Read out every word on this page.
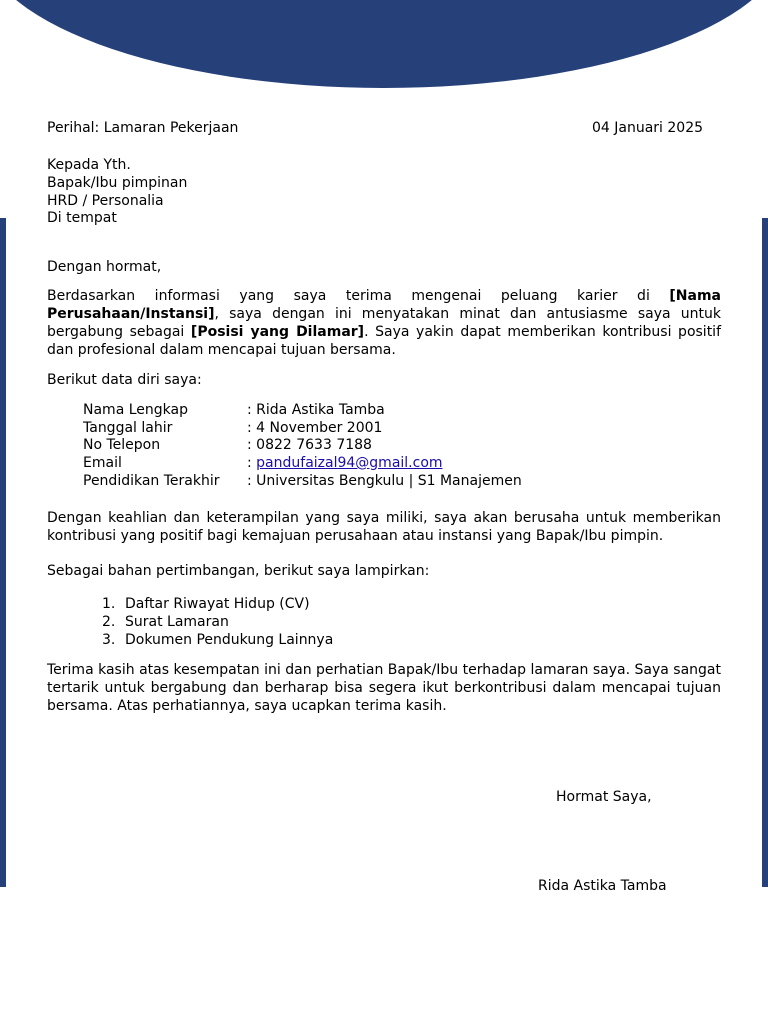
Perihal: Lamaran Pekerjaan	04 Januari 2025
Kepada Yth.
Bapak/Ibu pimpinan
HRD / Personalia
Di tempat
Dengan hormat,

Berdasarkan informasi yang saya terima mengenai peluang karier di [Nama Perusahaan/Instansi], saya dengan ini menyatakan minat dan antusiasme saya untuk bergabung sebagai [Posisi yang Dilamar]. Saya yakin dapat memberikan kontribusi positif dan profesional dalam mencapai tujuan bersama.

Berikut data diri saya:
Nama Lengkap	: Rida Astika Tamba
Tanggal lahir	: 4 November 2001
No Telepon	: 0822 7633 7188
Email	: pandufaizal94@gmail.com
Pendidikan Terakhir : Universitas Bengkulu | S1 Manajemen

Dengan keahlian dan keterampilan yang saya miliki, saya akan berusaha untuk memberikan kontribusi yang positif bagi kemajuan perusahaan atau instansi yang Bapak/Ibu pimpin.

Sebagai bahan pertimbangan, berikut saya lampirkan:
1. Daftar Riwayat Hidup (CV)
2. Surat Lamaran
3. Dokumen Pendukung Lainnya

Terima kasih atas kesempatan ini dan perhatian Bapak/Ibu terhadap lamaran saya. Saya sangat tertarik untuk bergabung dan berharap bisa segera ikut berkontribusi dalam mencapai tujuan bersama. Atas perhatiannya, saya ucapkan terima kasih.

Hormat Saya,
Rida Astika Tamba
